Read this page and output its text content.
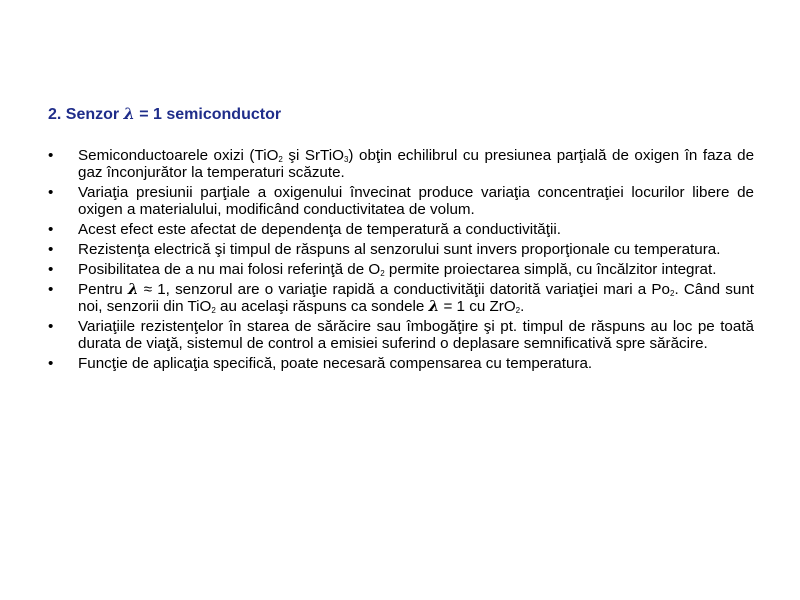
2. Senzor λ = 1 semiconductor
• Semiconductoarele oxizi (TiO$_2$ şi SrTiO$_3$) obţin echilibrul cu presiunea parţială de oxigen în faza de gaz înconjurător la temperaturi scăzute.
• Variaţia presiunii parţiale a oxigenului învecinat produce variaţia concentraţiei locurilor libere de oxigen a materialului, modificând conductivitatea de volum.
• Acest efect este afectat de dependenţa de temperatură a conductivităţii.
• Rezistenţa electrică şi timpul de răspuns al senzorului sunt invers proporţionale cu temperatura.
• Posibilitatea de a nu mai folosi referinţă de $O_2$ permite proiectarea simplă, cu încălzitor integrat.
• Pentru λ ≈ 1, senzorul are o variaţie rapidă a conductivităţii datorită variaţiei mari a $Po_2$. Când sunt noi, senzorii din TiO$_2$ au acelaşi răspuns ca sondele λ = 1 cu ZrO$_2$.
• Variaţiile rezistenţelor în starea de sărăcire sau îmbogăţire şi pt. timpul de răspuns au loc pe toată durata de viaţă, sistemul de control a emisiei suferind o deplasare semnificativă spre sărăcire.
• Funcţie de aplicaţia specifică, poate necesară compensarea cu temperatura.
